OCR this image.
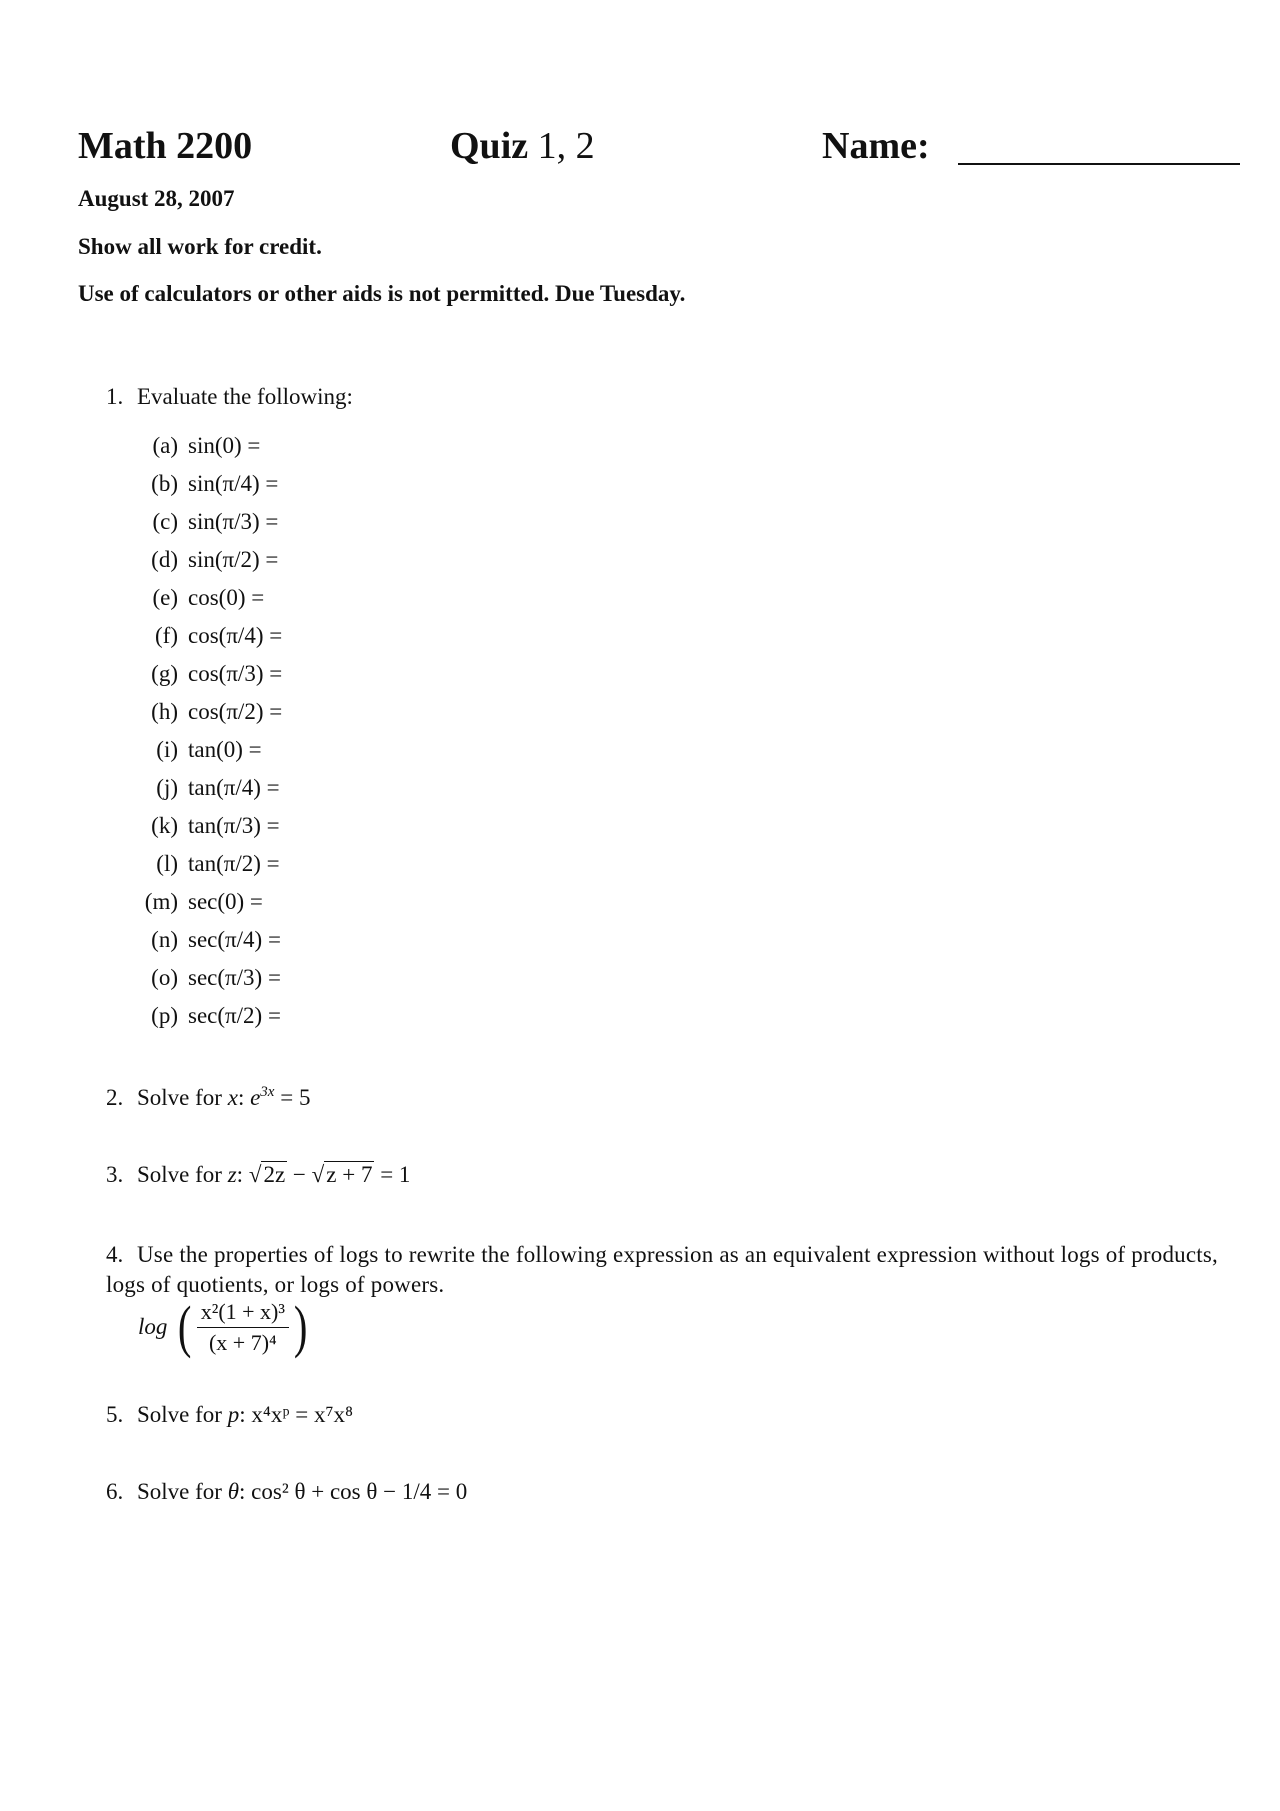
Math 2200	Quiz 1, 2	Name:
August 28, 2007
Show all work for credit.
Use of calculators or other aids is not permitted. Due Tuesday.
1. Evaluate the following:
(a) sin(0) =
(b) sin(π/4) =
(c) sin(π/3) =
(d) sin(π/2) =
(e) cos(0) =
(f) cos(π/4) =
(g) cos(π/3) =
(h) cos(π/2) =
(i) tan(0) =
(j) tan(π/4) =
(k) tan(π/3) =
(l) tan(π/2) =
(m) sec(0) =
(n) sec(π/4) =
(o) sec(π/3) =
(p) sec(π/2) =
2. Solve for x: $e^{3x} = 5$
3. Solve for z: √2z − √z + 7 = 1
4. Use the properties of logs to rewrite the following expression as an equivalent expression without logs of products, logs of quotients, or logs of powers.
log ( $\frac{\text{x²(1 + x)³}}{\text{(x + 7)⁴}}$ )
5. Solve for p: x⁴xᵖ = x⁷x⁸
6. Solve for θ: cos² θ + cos θ − 1/4 = 0
